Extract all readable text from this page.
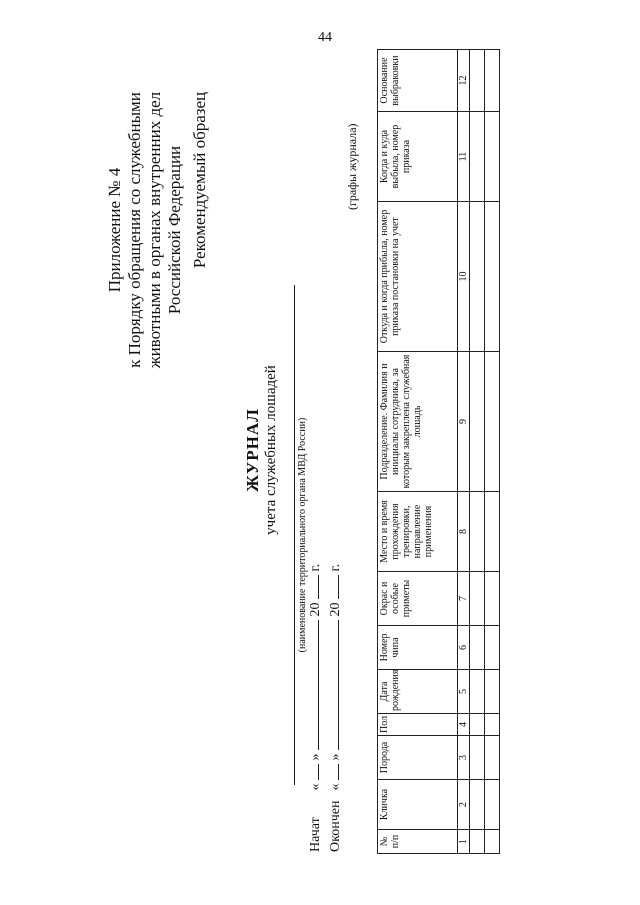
44
Приложение № 4 к Порядку обращения со служебными животными в органах внутренних дел Российской Федерации Рекомендуемый образец
ЖУРНАЛ учета служебных лошадей (наименование территориального органа МВД России)
Начат «  »  20  г.
Окончен «  »  20  г.
(графы журнала)
№ п/п	Кличка	Порода	Пол	Дата рождения	Номер чипа	Окрас и особые приметы	Место и время прохождения тренировки, направление применения	Подразделение. Фамилия и инициалы сотрудника, за которым закреплена служебная лошадь	Откуда и когда прибыла, номер приказа постановки на учет	Когда и куда выбыла, номер приказа	Основание выбраковки
1	2	3	4	5	6	7	8	9	10	11	12
